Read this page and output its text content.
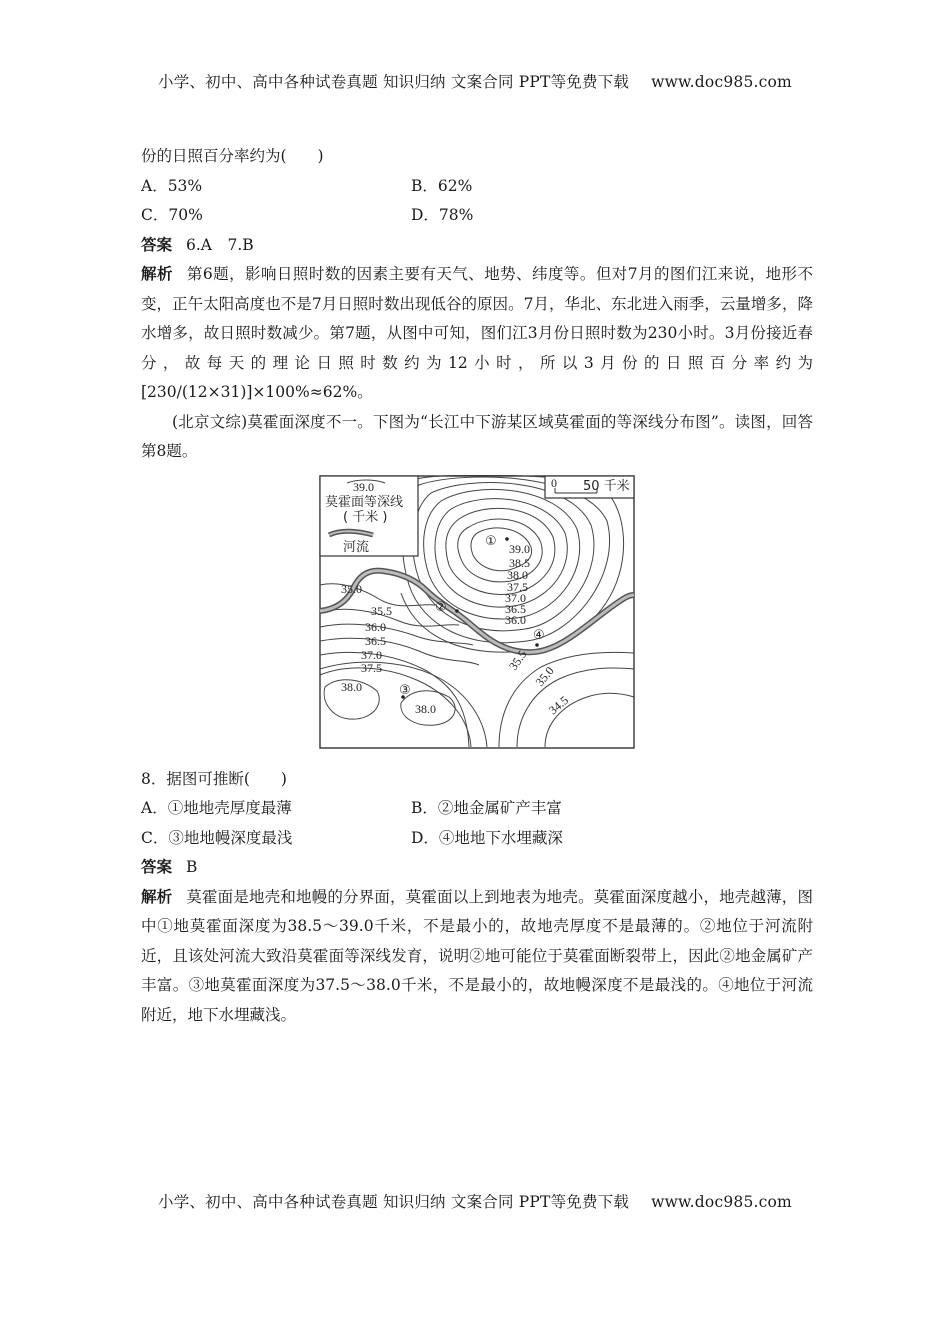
小学、初中、高中各种试卷真题 知识归纳 文案合同 PPT等免费下载 www.doc985.com
份的日照百分率约为(　　)
A．53%	B．62%
C．70%	D．78%
答案 6.A　7.B
解析 第6题，影响日照时数的因素主要有天气、地势、纬度等。但对7月的图们江来说，地形不变，正午太阳高度也不是7月日照时数出现低谷的原因。7月，华北、东北进入雨季，云量增多，降水增多，故日照时数减少。第7题，从图中可知，图们江3月份日照时数为230小时。3月份接近春分，故每天的理论日照时数约为12小时，所以3月份的日照百分率约为[230/(12×31)]×100%≈62%。
(北京文综)莫霍面深度不一。下图为“长江中下游某区域莫霍面的等深线分布图”。读图，回答第8题。
39.0
莫霍面等深线
( 千米 )
河流
0 50 千米
①
②
③
④
39.0
38.5
38.0
37.5
37.0
36.5
36.0
35.0
35.5
36.0
36.5
37.0
37.5
38.0
38.0
35.5
35.0
34.5
8．据图可推断(　　)
A．①地地壳厚度最薄	B．②地金属矿产丰富
C．③地地幔深度最浅	D．④地地下水埋藏深
答案 B
解析 莫霍面是地壳和地幔的分界面，莫霍面以上到地表为地壳。莫霍面深度越小，地壳越薄，图中①地莫霍面深度为38.5～39.0千米，不是最小的，故地壳厚度不是最薄的。②地位于河流附近，且该处河流大致沿莫霍面等深线发育，说明②地可能位于莫霍面断裂带上，因此②地金属矿产丰富。③地莫霍面深度为37.5～38.0千米，不是最小的，故地幔深度不是最浅的。④地位于河流附近，地下水埋藏浅。
小学、初中、高中各种试卷真题 知识归纳 文案合同 PPT等免费下载 www.doc985.com
